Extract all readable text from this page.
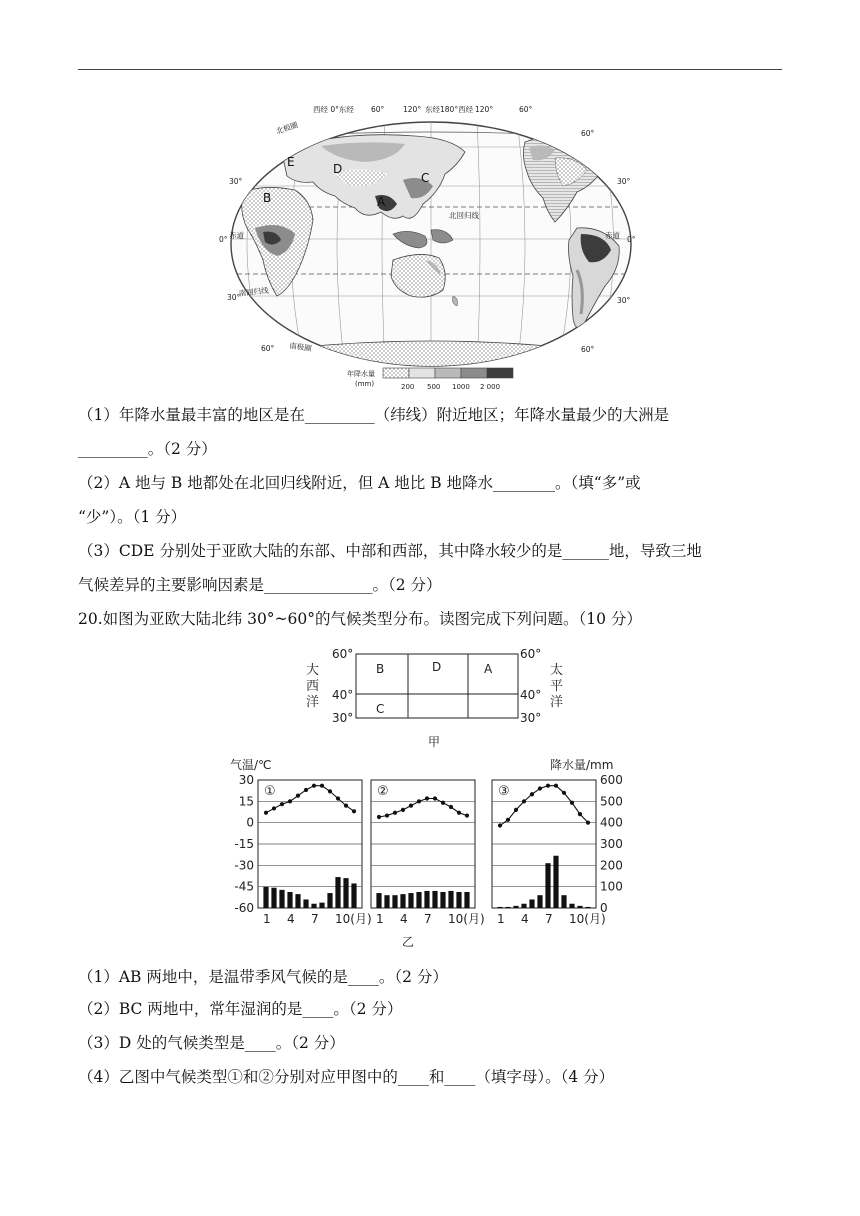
西经 0°东经 60° 120° 东经180°西经 120°	60°
30°
0°
30°
60°
60°
30°
0°
30°
60°
北极圈
北回归线
赤道	赤道
南回归线
南极圈
A
B
C
D
E
年降水量
(mm)	200 500 1000 2 000
（1）年降水量最丰富的地区是在_________（纬线）附近地区；年降水量最少的大洲是
_________。（2 分）
（2）A 地与 B 地都处在北回归线附近，但 A 地比 B 地降水________。（填“多”或
“少”）。（1 分）
（3）CDE 分别处于亚欧大陆的东部、中部和西部，其中降水较少的是______地，导致三地
气候差异的主要影响因素是______________。（2 分）
20.如图为亚欧大陆北纬 30°~60°的气候类型分布。读图完成下列问题。（10 分）
60°
40°
30°
60°
40°
30°
B	D	A
C
甲
大 西 洋
太 平 洋
气温/℃	降水量/mm
乙
30
15
0
-15
-30
-45
-60
600
500
400
300
200
100
0
①
1 4 7 10(月)
②
1 4 7 10(月)
③
1 4 7 10(月)
（1）AB 两地中，是温带季风气候的是____。（2 分）
（2）BC 两地中，常年湿润的是____。（2 分）
（3）D 处的气候类型是____。（2 分）
（4）乙图中气候类型①和②分别对应甲图中的____和____（填字母）。（4 分）
